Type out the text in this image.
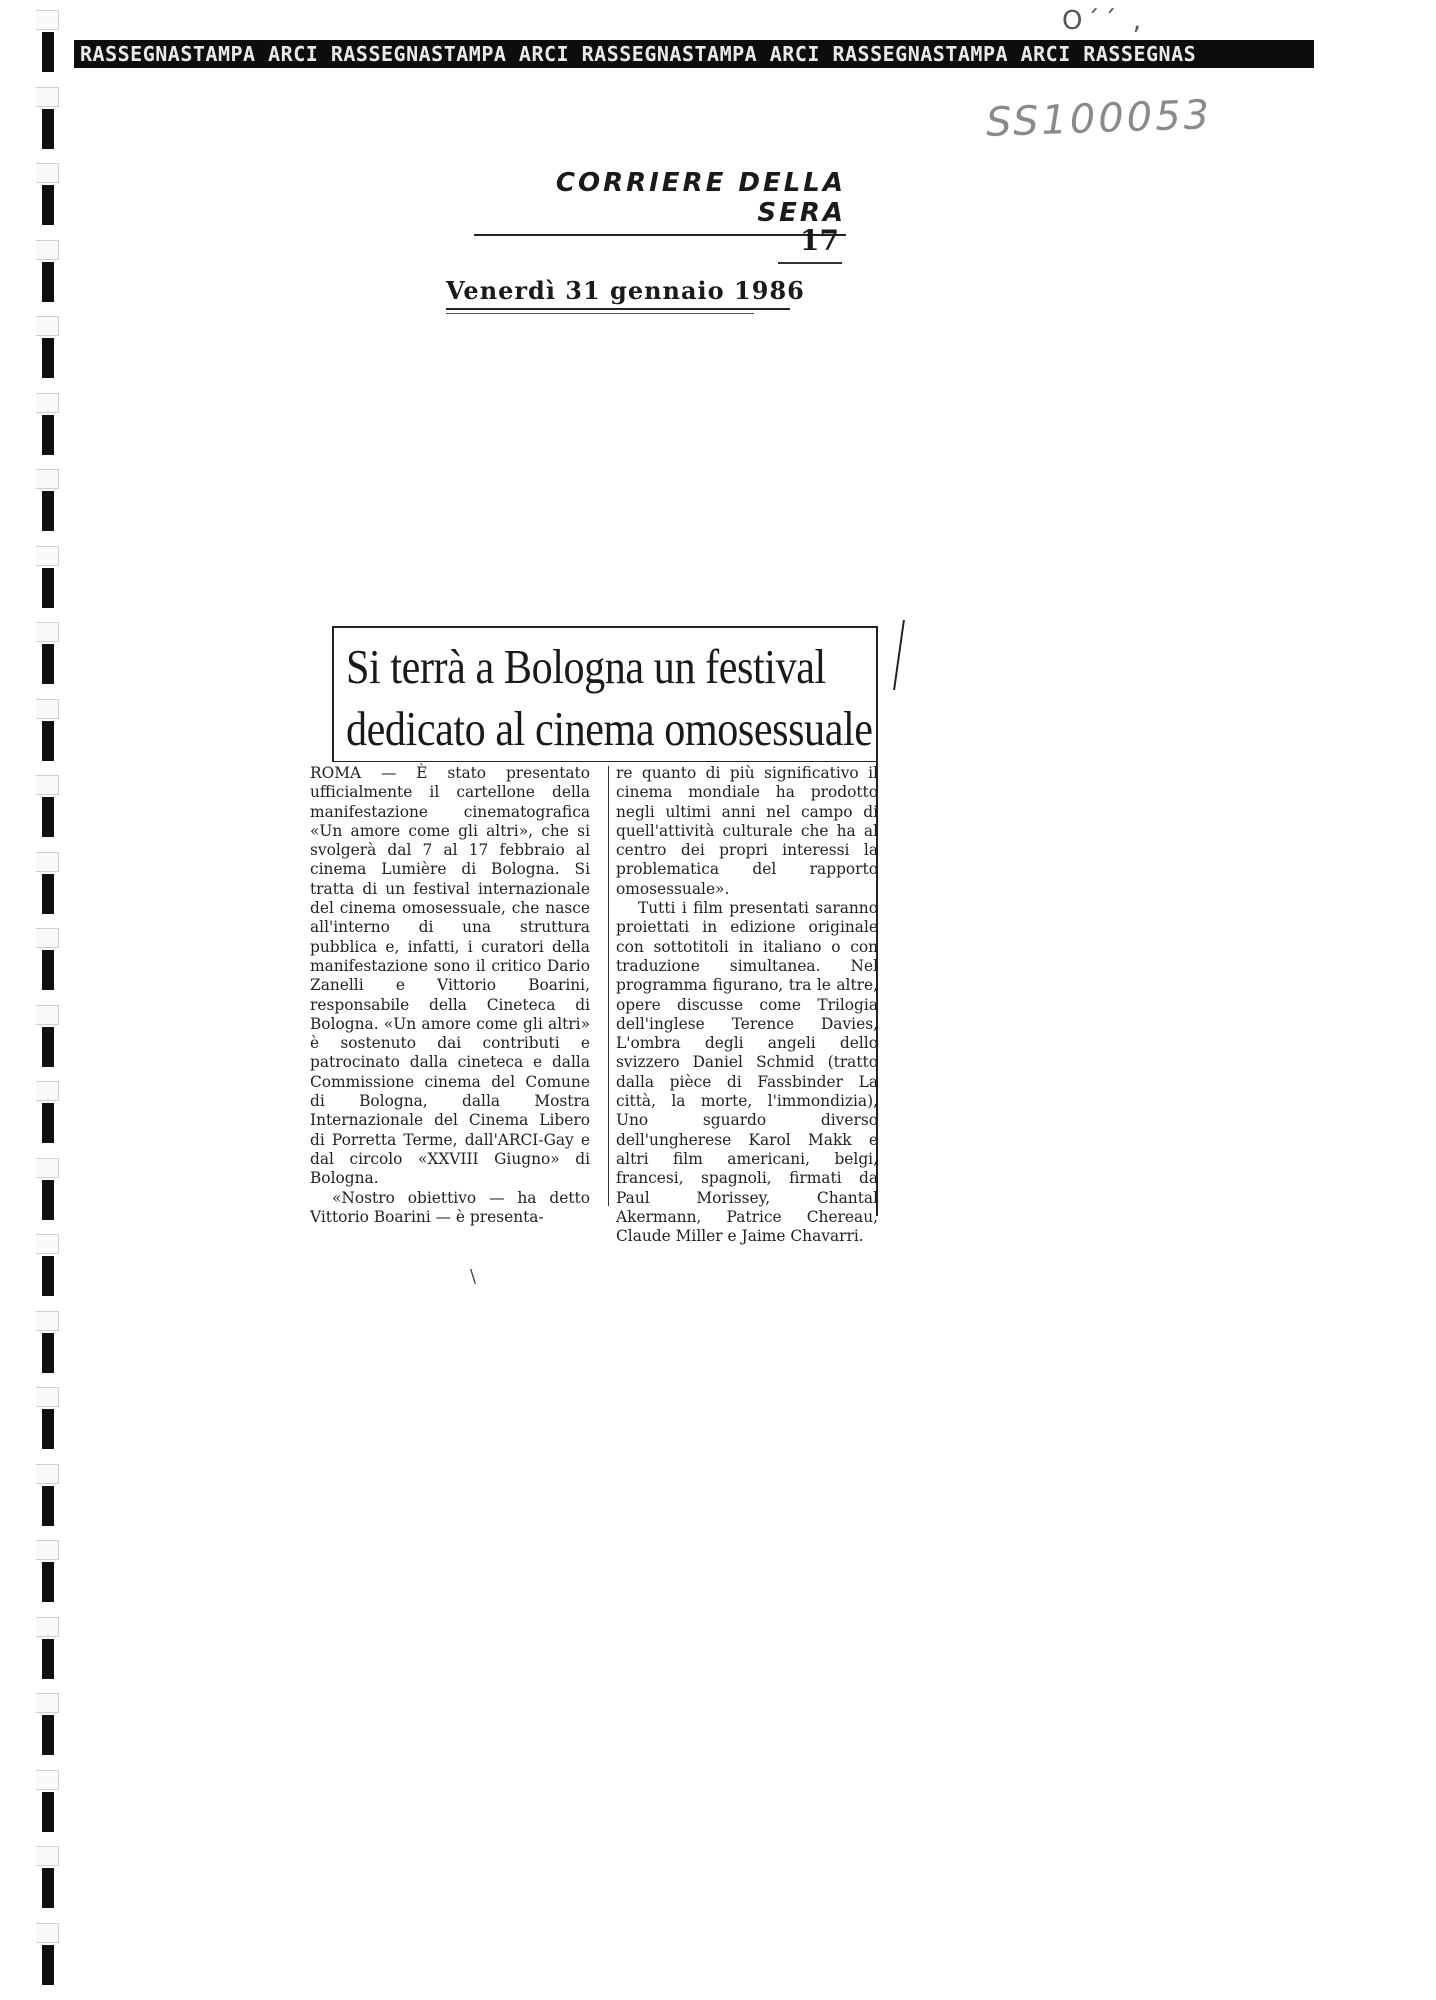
RASSEGNASTAMPA ARCI RASSEGNASTAMPA ARCI RASSEGNASTAMPA ARCI RASSEGNASTAMPA ARCI RASSEGNAS
O´´ ,
SS100053
CORRIERE DELLA SERA
17
Venerdì 31 gennaio 1986
Si terrà a Bologna un festival
dedicato al cinema omosessuale

ROMA — È stato presentato ufficialmente il cartellone della manifestazione cinematografica «Un amore come gli altri», che si svolgerà dal 7 al 17 febbraio al cinema Lumière di Bologna. Si tratta di un festival internazionale del cinema omosessuale, che nasce all'interno di una struttura pubblica e, infatti, i curatori della manifestazione sono il critico Dario Zanelli e Vittorio Boarini, responsabile della Cineteca di Bologna. «Un amore come gli altri» è sostenuto dai contributi e patrocinato dalla cineteca e dalla Commissione cinema del Comune di Bologna, dalla Mostra Internazionale del Cinema Libero di Porretta Terme, dall'ARCI-Gay e dal circolo «XXVIII Giugno» di Bologna.

«Nostro obiettivo — ha detto Vittorio Boarini — è presenta-

re quanto di più significativo il cinema mondiale ha prodotto negli ultimi anni nel campo di quell'attività culturale che ha al centro dei propri interessi la problematica del rapporto omosessuale».

Tutti i film presentati saranno proiettati in edizione originale con sottotitoli in italiano o con traduzione simultanea. Nel programma figurano, tra le altre, opere discusse come Trilogia dell'inglese Terence Davies, L'ombra degli angeli dello svizzero Daniel Schmid (tratto dalla pièce di Fassbinder La città, la morte, l'immondizia), Uno sguardo diverso dell'ungherese Karol Makk e altri film americani, belgi, francesi, spagnoli, firmati da Paul Morissey, Chantal Akermann, Patrice Chereau, Claude Miller e Jaime Chavarri.

\
